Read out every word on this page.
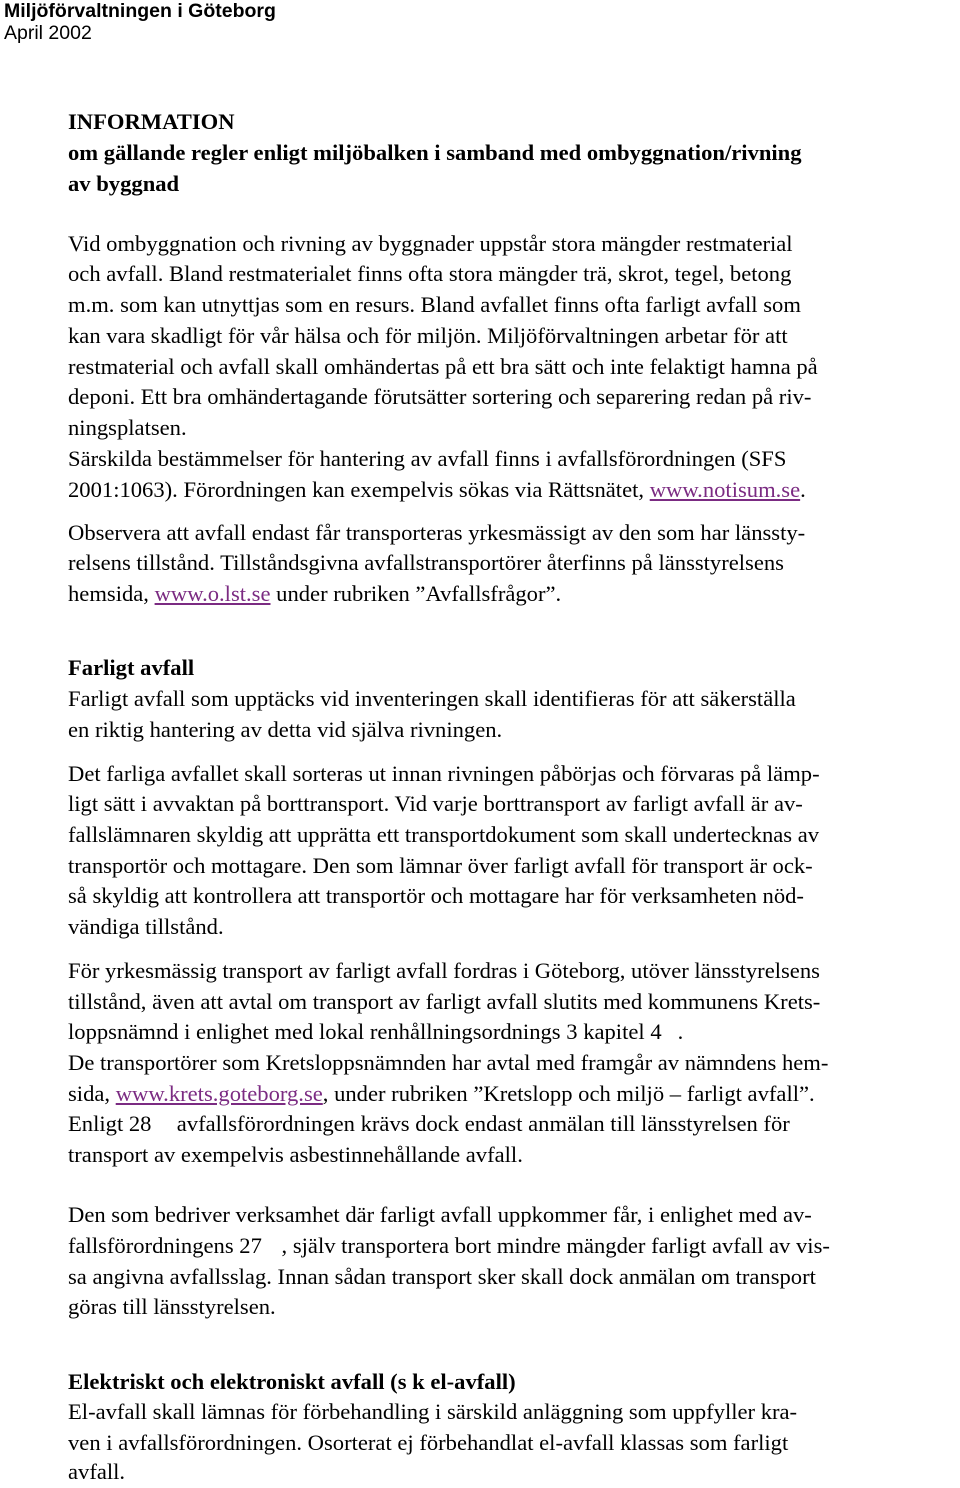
Miljöförvaltningen i Göteborg
April 2002
INFORMATION
om gällande regler enligt miljöbalken i samband med ombyggnation/rivning
av byggnad
Vid ombyggnation och rivning av byggnader uppstår stora mängder restmaterial
och avfall. Bland restmaterialet finns ofta stora mängder trä, skrot, tegel, betong
m.m. som kan utnyttjas som en resurs. Bland avfallet finns ofta farligt avfall som
kan vara skadligt för vår hälsa och för miljön. Miljöförvaltningen arbetar för att
restmaterial och avfall skall omhändertas på ett bra sätt och inte felaktigt hamna på
deponi. Ett bra omhändertagande förutsätter sortering och separering redan på riv-
ningsplatsen.
Särskilda bestämmelser för hantering av avfall finns i avfallsförordningen (SFS
2001:1063). Förordningen kan exempelvis sökas via Rättsnätet, www.notisum.se.
Observera att avfall endast får transporteras yrkesmässigt av den som har länssty-
relsens tillstånd. Tillståndsgivna avfallstransportörer återfinns på länsstyrelsens
hemsida, www.o.lst.se under rubriken ”Avfallsfrågor”.
Farligt avfall
Farligt avfall som upptäcks vid inventeringen skall identifieras för att säkerställa
en riktig hantering av detta vid själva rivningen.
Det farliga avfallet skall sorteras ut innan rivningen påbörjas och förvaras på lämp-
ligt sätt i avvaktan på borttransport. Vid varje borttransport av farligt avfall är av-
fallslämnaren skyldig att upprätta ett transportdokument som skall undertecknas av
transportör och mottagare. Den som lämnar över farligt avfall för transport är ock-
så skyldig att kontrollera att transportör och mottagare har för verksamheten nöd-
vändiga tillstånd.
För yrkesmässig transport av farligt avfall fordras i Göteborg, utöver länsstyrelsens
tillstånd, även att avtal om transport av farligt avfall slutits med kommunens Krets-
loppsnämnd i enlighet med lokal renhållningsordnings 3 kapitel 4 .
De transportörer som Kretsloppsnämnden har avtal med framgår av nämndens hem-
sida, www.krets.goteborg.se, under rubriken ”Kretslopp och miljö – farligt avfall”.
Enligt 28  avfallsförordningen krävs dock endast anmälan till länsstyrelsen för
transport av exempelvis asbestinnehållande avfall.
Den som bedriver verksamhet där farligt avfall uppkommer får, i enlighet med av-
fallsförordningens 27 , själv transportera bort mindre mängder farligt avfall av vis-
sa angivna avfallsslag. Innan sådan transport sker skall dock anmälan om transport
göras till länsstyrelsen.
Elektriskt och elektroniskt avfall (s k el-avfall)
El-avfall skall lämnas för förbehandling i särskild anläggning som uppfyller kra-
ven i avfallsförordningen. Osorterat ej förbehandlat el-avfall klassas som farligt
avfall.
